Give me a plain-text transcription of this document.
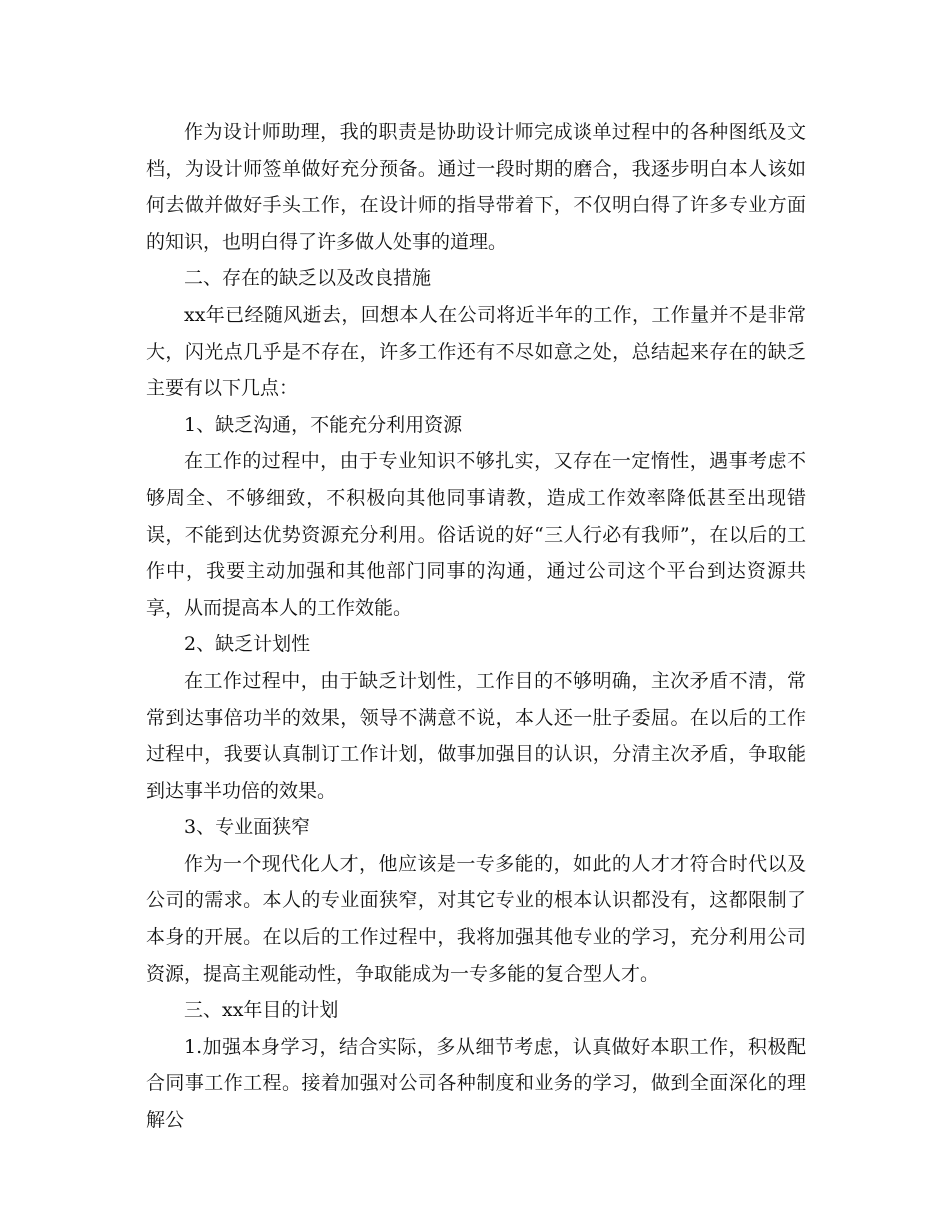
作为设计师助理，我的职责是协助设计师完成谈单过程中的各种图纸及文档，为设计师签单做好充分预备。通过一段时期的磨合，我逐步明白本人该如何去做并做好手头工作，在设计师的指导带着下，不仅明白得了许多专业方面的知识，也明白得了许多做人处事的道理。

二、存在的缺乏以及改良措施

xx年已经随风逝去，回想本人在公司将近半年的工作，工作量并不是非常大，闪光点几乎是不存在，许多工作还有不尽如意之处，总结起来存在的缺乏主要有以下几点：

1、缺乏沟通，不能充分利用资源

在工作的过程中，由于专业知识不够扎实，又存在一定惰性，遇事考虑不够周全、不够细致，不积极向其他同事请教，造成工作效率降低甚至出现错误，不能到达优势资源充分利用。俗话说的好“三人行必有我师”，在以后的工作中，我要主动加强和其他部门同事的沟通，通过公司这个平台到达资源共享，从而提高本人的工作效能。

2、缺乏计划性

在工作过程中，由于缺乏计划性，工作目的不够明确，主次矛盾不清，常常到达事倍功半的效果，领导不满意不说，本人还一肚子委屈。在以后的工作过程中，我要认真制订工作计划，做事加强目的认识，分清主次矛盾，争取能到达事半功倍的效果。

3、专业面狭窄

作为一个现代化人才，他应该是一专多能的，如此的人才才符合时代以及公司的需求。本人的专业面狭窄，对其它专业的根本认识都没有，这都限制了本身的开展。在以后的工作过程中，我将加强其他专业的学习，充分利用公司资源，提高主观能动性，争取能成为一专多能的复合型人才。

三、xx年目的计划

1.加强本身学习，结合实际，多从细节考虑，认真做好本职工作，积极配合同事工作工程。接着加强对公司各种制度和业务的学习，做到全面深化的理解公
